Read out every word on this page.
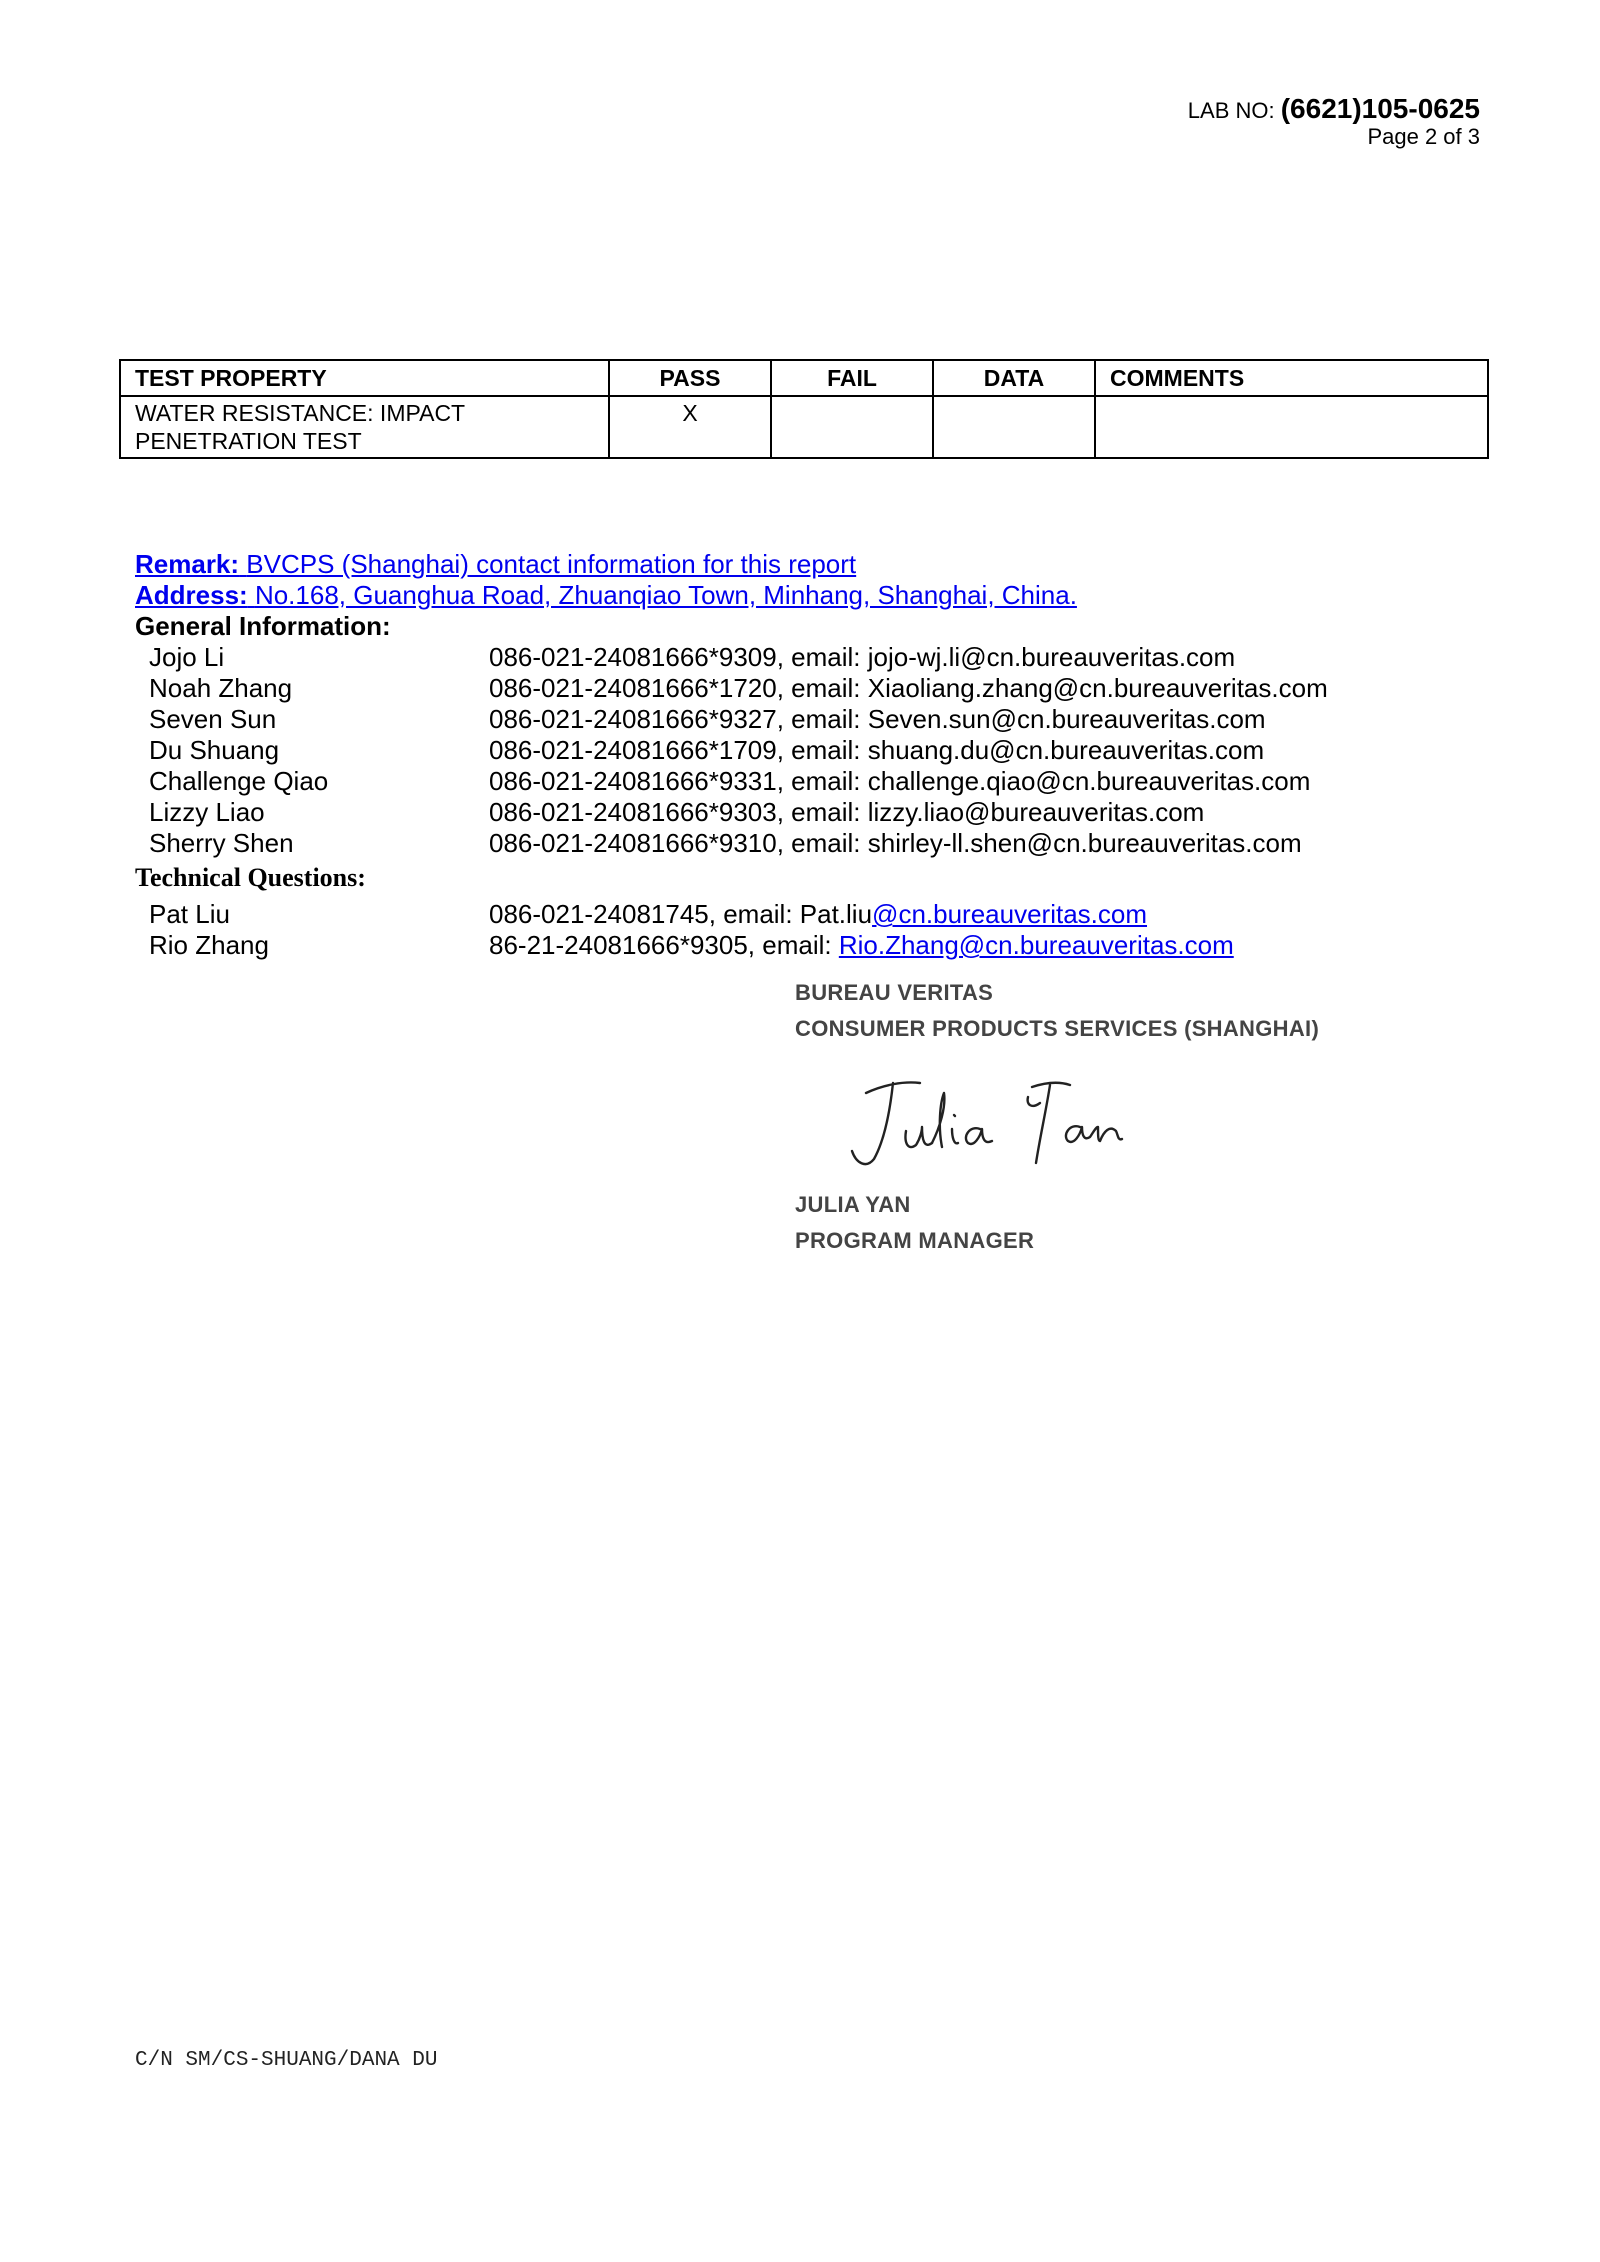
LAB NO: (6621)105-0625
Page 2 of 3
TEST PROPERTY	PASS	FAIL	DATA	COMMENTS
WATER RESISTANCE: IMPACT PENETRATION TEST	X			
Remark: BVCPS (Shanghai) contact information for this report
Address: No.168, Guanghua Road, Zhuanqiao Town, Minhang, Shanghai, China.
General Information:
Jojo Li	086-021-24081666*9309, email: jojo-wj.li@cn.bureauveritas.com
Noah Zhang	086-021-24081666*1720, email: Xiaoliang.zhang@cn.bureauveritas.com
Seven Sun	086-021-24081666*9327, email: Seven.sun@cn.bureauveritas.com
Du Shuang	086-021-24081666*1709, email: shuang.du@cn.bureauveritas.com
Challenge Qiao	086-021-24081666*9331, email: challenge.qiao@cn.bureauveritas.com
Lizzy Liao	086-021-24081666*9303, email: lizzy.liao@bureauveritas.com
Sherry Shen	086-021-24081666*9310, email: shirley-ll.shen@cn.bureauveritas.com
Technical Questions:
Pat Liu	086-021-24081745, email: Pat.liu@cn.bureauveritas.com
Rio Zhang	86-21-24081666*9305, email: Rio.Zhang@cn.bureauveritas.com
BUREAU VERITAS
CONSUMER PRODUCTS SERVICES (SHANGHAI)
JULIA YAN
PROGRAM MANAGER
C/N SM/CS-SHUANG/DANA DU
